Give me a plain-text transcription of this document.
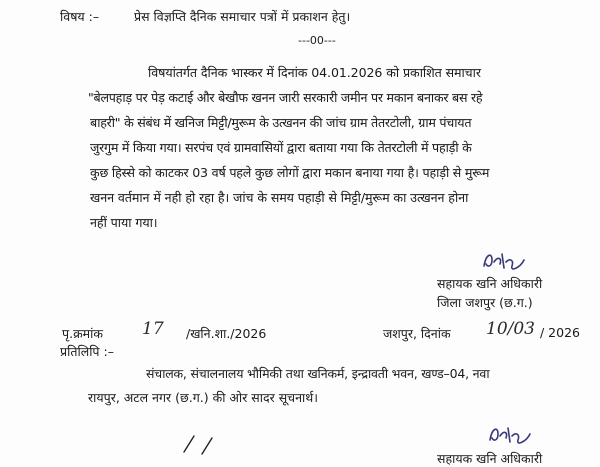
विषय :–	प्रेस विज्ञप्ति दैनिक समाचार पत्रों में प्रकाशन हेतु।
---00---
विषयांतर्गत दैनिक भास्कर में दिनांक 04.01.2026 को प्रकाशित समाचार
"बेलपहाड़ पर पेड़ कटाई और बेखौफ खनन जारी सरकारी जमीन पर मकान बनाकर बस रहे
बाहरी" के संबंध में खनिज मिट्टी/मुरूम के उत्खनन की जांच ग्राम तेतरटोली, ग्राम पंचायत
जुरगुम में किया गया। सरपंच एवं ग्रामवासियों द्वारा बताया गया कि तेतरटोली में पहाड़ी के
कुछ हिस्से को काटकर 03 वर्ष पहले कुछ लोगों द्वारा मकान बनाया गया है। पहाड़ी से मुरूम
खनन वर्तमान में नही हो रहा है। जांच के समय पहाड़ी से मिट्टी/मुरूम का उत्खनन होना
नहीं पाया गया।
सहायक खनि अधिकारी
जिला जशपुर (छ.ग.)
पृ.क्रमांक 17 /खनि.शा./2026	जशपुर, दिनांक 10/03 / 2026
प्रतिलिपि :–
संचालक, संचालनालय भौमिकी तथा खनिकर्म, इन्द्रावती भवन, खण्ड–04, नवा
रायपुर, अटल नगर (छ.ग.) की ओर सादर सूचनार्थ।
सहायक खनि अधिकारी
